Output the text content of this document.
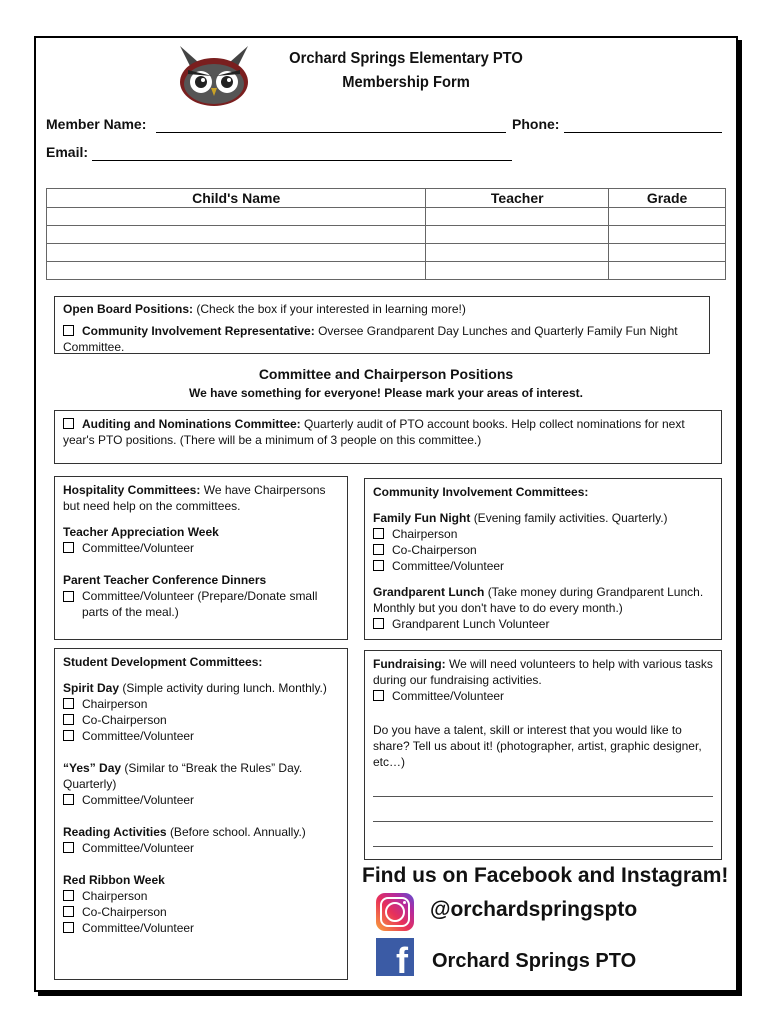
Orchard Springs Elementary PTO
Membership Form
Member Name:	Phone:
Email:
Child's Name	Teacher	Grade

Open Board Positions: (Check the box if your interested in learning more!)
Community Involvement Representative: Oversee Grandparent Day Lunches and Quarterly Family Fun Night Committee.
Committee and Chairperson Positions
We have something for everyone! Please mark your areas of interest.
Auditing and Nominations Committee: Quarterly audit of PTO account books. Help collect nominations for next year's PTO positions. (There will be a minimum of 3 people on this committee.)
Hospitality Committees: We have Chairpersons but need help on the committees.
Teacher Appreciation Week
Committee/Volunteer
Parent Teacher Conference Dinners
Committee/Volunteer (Prepare/Donate small parts of the meal.)
Community Involvement Committees:
Family Fun Night (Evening family activities. Quarterly.)
Chairperson
Co-Chairperson
Committee/Volunteer
Grandparent Lunch (Take money during Grandparent Lunch. Monthly but you don't have to do every month.)
Grandparent Lunch Volunteer
Student Development Committees:
Spirit Day (Simple activity during lunch. Monthly.)
Chairperson
Co-Chairperson
Committee/Volunteer
“Yes” Day (Similar to “Break the Rules” Day. Quarterly)
Committee/Volunteer
Reading Activities (Before school. Annually.)
Committee/Volunteer
Red Ribbon Week
Chairperson
Co-Chairperson
Committee/Volunteer
Fundraising: We will need volunteers to help with various tasks during our fundraising activities.
Committee/Volunteer
Do you have a talent, skill or interest that you would like to share? Tell us about it! (photographer, artist, graphic designer, etc…)
Find us on Facebook and Instagram!
@orchardspringspto
f	Orchard Springs PTO
